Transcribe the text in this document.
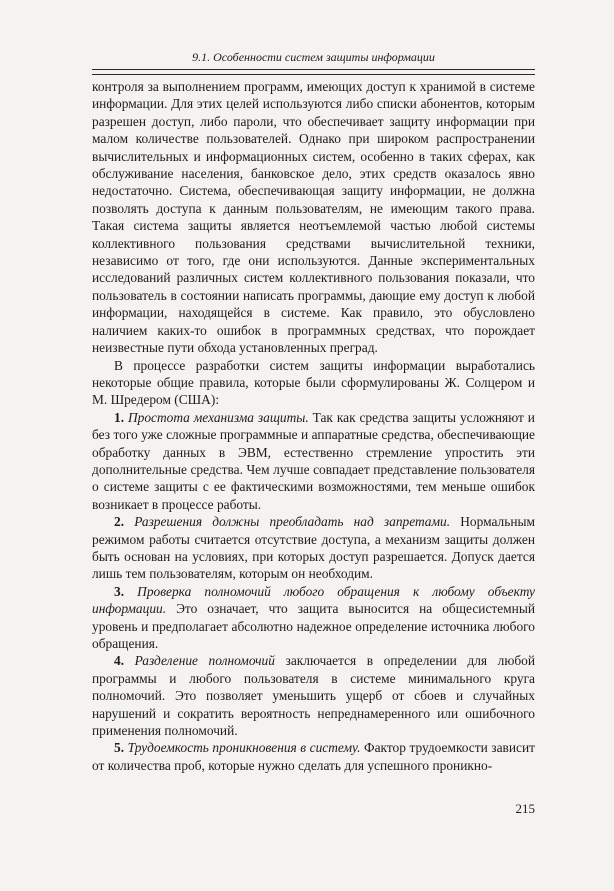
9.1. Особенности систем защиты информации

контроля за выполнением программ, имеющих доступ к хранимой в системе информации. Для этих целей используются либо списки абонентов, которым разрешен доступ, либо пароли, что обеспечивает защиту информации при малом количестве пользователей. Однако при широком распространении вычислительных и информационных систем, особенно в таких сферах, как обслуживание населения, банковское дело, этих средств оказалось явно недостаточно. Система, обеспечивающая защиту информации, не должна позволять доступа к данным пользователям, не имеющим такого права. Такая система защиты является неотъемлемой частью любой системы коллективного пользования средствами вычислительной техники, независимо от того, где они используются. Данные экспериментальных исследований различных систем коллективного пользования показали, что пользователь в состоянии написать программы, дающие ему доступ к любой информации, находящейся в системе. Как правило, это обусловлено наличием каких-то ошибок в программных средствах, что порождает неизвестные пути обхода установленных преград.

В процессе разработки систем защиты информации выработались некоторые общие правила, которые были сформулированы Ж. Солцером и М. Шредером (США):

1. Простота механизма защиты. Так как средства защиты усложняют и без того уже сложные программные и аппаратные средства, обеспечивающие обработку данных в ЭВМ, естественно стремление упростить эти дополнительные средства. Чем лучше совпадает представление пользователя о системе защиты с ее фактическими возможностями, тем меньше ошибок возникает в процессе работы.

2. Разрешения должны преобладать над запретами. Нормальным режимом работы считается отсутствие доступа, а механизм защиты должен быть основан на условиях, при которых доступ разрешается. Допуск дается лишь тем пользователям, которым он необходим.

3. Проверка полномочий любого обращения к любому объекту информации. Это означает, что защита выносится на общесистемный уровень и предполагает абсолютно надежное определение источника любого обращения.

4. Разделение полномочий заключается в определении для любой программы и любого пользователя в системе минимального круга полномочий. Это позволяет уменьшить ущерб от сбоев и случайных нарушений и сократить вероятность непреднамеренного или ошибочного применения полномочий.

5. Трудоемкость проникновения в систему. Фактор трудоемкости зависит от количества проб, которые нужно сделать для успешного проникно-

215
